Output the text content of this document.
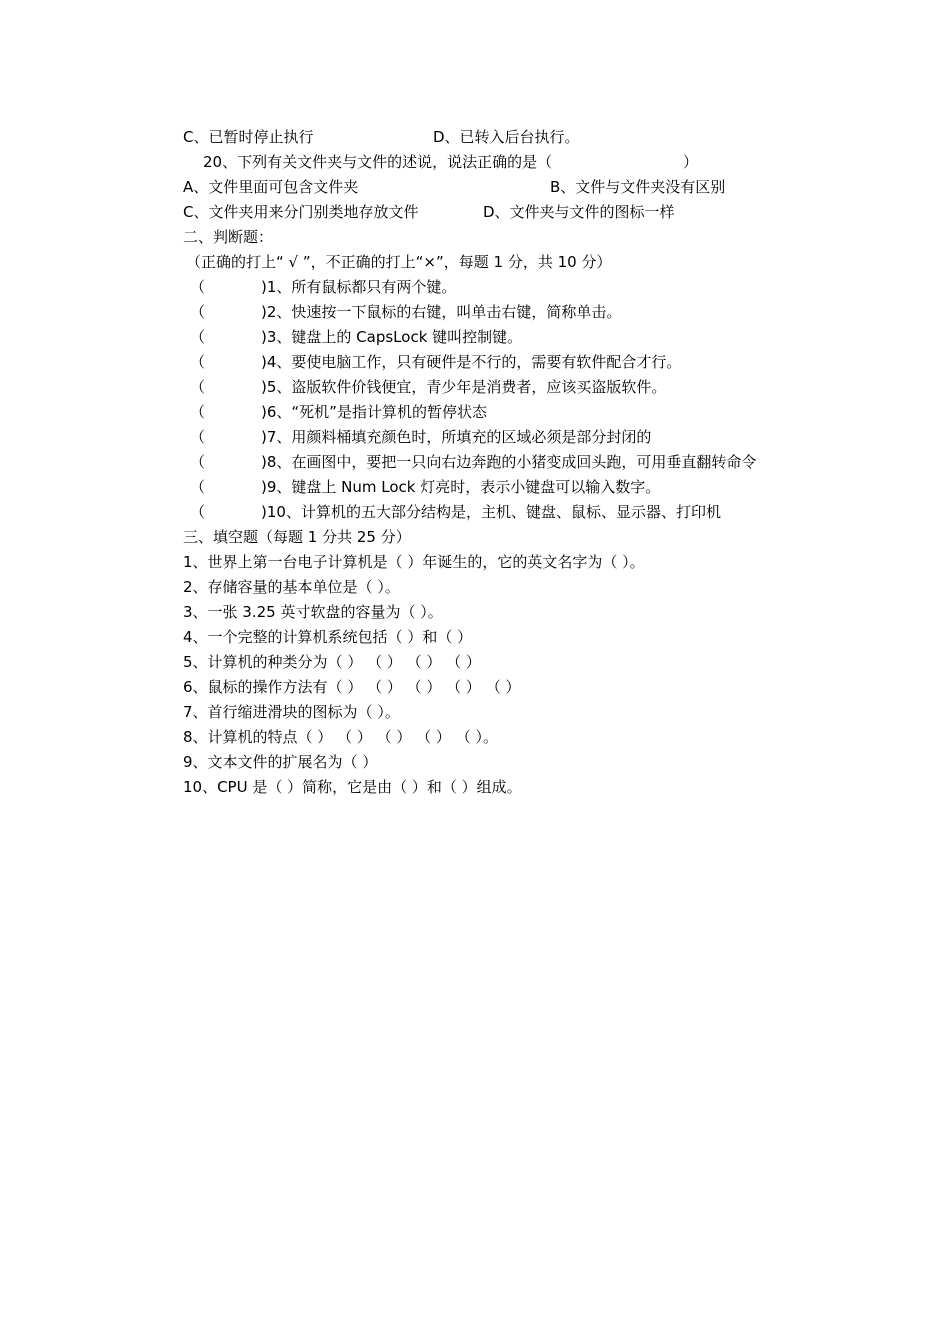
C、已暂时停止执行	D、已转入后台执行。
20、下列有关文件夹与文件的述说，说法正确的是（	）
A、文件里面可包含文件夹	B、文件与文件夹没有区别
C、文件夹用来分门别类地存放文件	D、文件夹与文件的图标一样
二、判断题：
（正确的打上“ √ ”，不正确的打上“×”，每题 1 分，共 10 分）
（	)1、所有鼠标都只有两个键。
（	)2、快速按一下鼠标的右键，叫单击右键，简称单击。
（	)3、键盘上的 CapsLock 键叫控制键。
（	)4、要使电脑工作，只有硬件是不行的，需要有软件配合才行。
（	)5、盗版软件价钱便宜，青少年是消费者，应该买盗版软件。
（	)6、“死机”是指计算机的暂停状态
（	)7、用颜料桶填充颜色时，所填充的区域必须是部分封闭的
（	)8、在画图中，要把一只向右边奔跑的小猪变成回头跑，可用垂直翻转命令
（	)9、键盘上 Num Lock 灯亮时，表示小键盘可以输入数字。
（	)10、计算机的五大部分结构是，主机、键盘、鼠标、显示器、打印机
三、填空题（每题 1 分共 25 分）
1、世界上第一台电子计算机是（ ）年诞生的，它的英文名字为（ ）。
2、存储容量的基本单位是（ ）。
3、一张 3.25 英寸软盘的容量为（ ）。
4、一个完整的计算机系统包括（ ）和（ ）
5、计算机的种类分为（ ） （ ） （ ） （ ）
6、鼠标的操作方法有（ ） （ ） （ ） （ ） （ ）
7、首行缩进滑块的图标为（ ）。
8、计算机的特点（ ） （ ） （ ） （ ） （ ）。
9、文本文件的扩展名为（ ）
10、CPU 是（ ）简称，它是由（ ）和（ ）组成。
